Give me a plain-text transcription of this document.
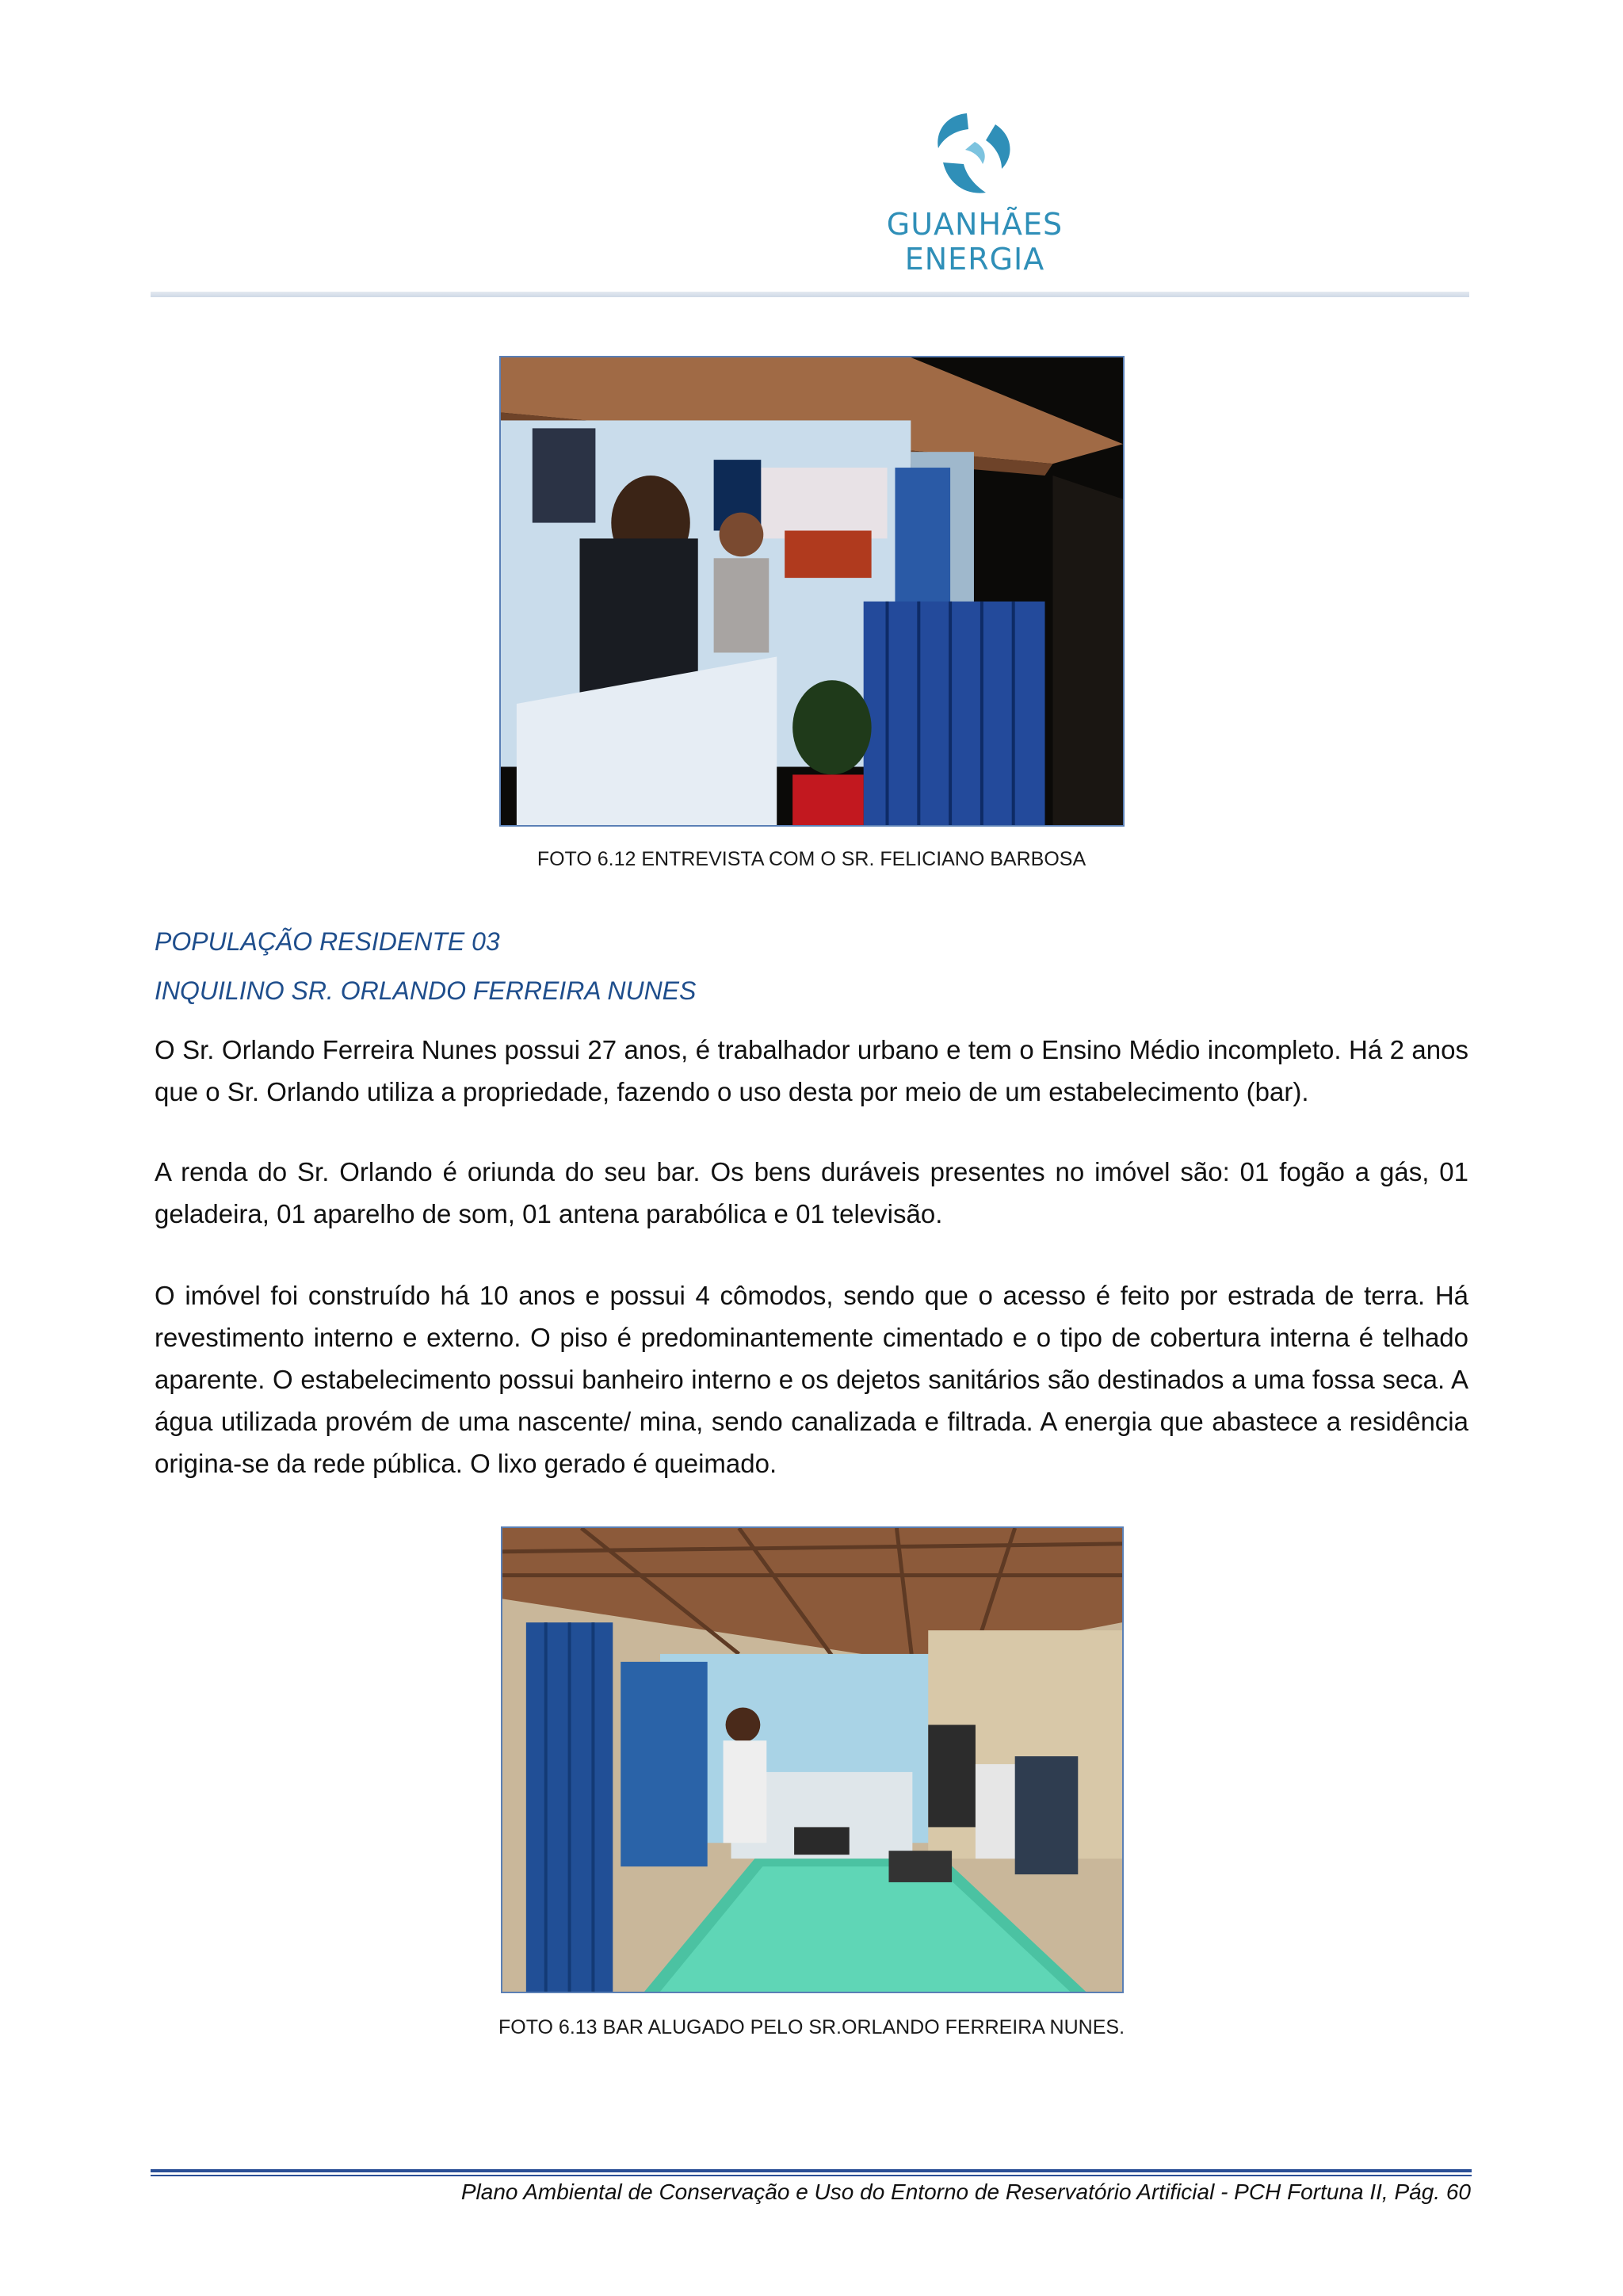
GUANHÃES ENERGIA
FOTO 6.12 ENTREVISTA COM O SR. FELICIANO BARBOSA
POPULAÇÃO RESIDENTE 03
INQUILINO SR. ORLANDO FERREIRA NUNES
O Sr. Orlando Ferreira Nunes possui 27 anos, é trabalhador urbano e tem o Ensino Médio incompleto. Há 2 anos que o Sr. Orlando utiliza a propriedade, fazendo o uso desta por meio de um estabelecimento (bar).
A renda do Sr. Orlando é oriunda do seu bar. Os bens duráveis presentes no imóvel são: 01 fogão a gás, 01 geladeira, 01 aparelho de som, 01 antena parabólica e 01 televisão.
O imóvel foi construído há 10 anos e possui 4 cômodos, sendo que o acesso é feito por estrada de terra. Há revestimento interno e externo. O piso é predominantemente cimentado e o tipo de cobertura interna é telhado aparente. O estabelecimento possui banheiro interno e os dejetos sanitários são destinados a uma fossa seca. A água utilizada provém de uma nascente/ mina, sendo canalizada e filtrada. A energia que abastece a residência origina-se da rede pública. O lixo gerado é queimado.
FOTO 6.13 BAR ALUGADO PELO SR.ORLANDO FERREIRA NUNES.
Plano Ambiental de Conservação e Uso do Entorno de Reservatório Artificial - PCH Fortuna II, Pág. 60
